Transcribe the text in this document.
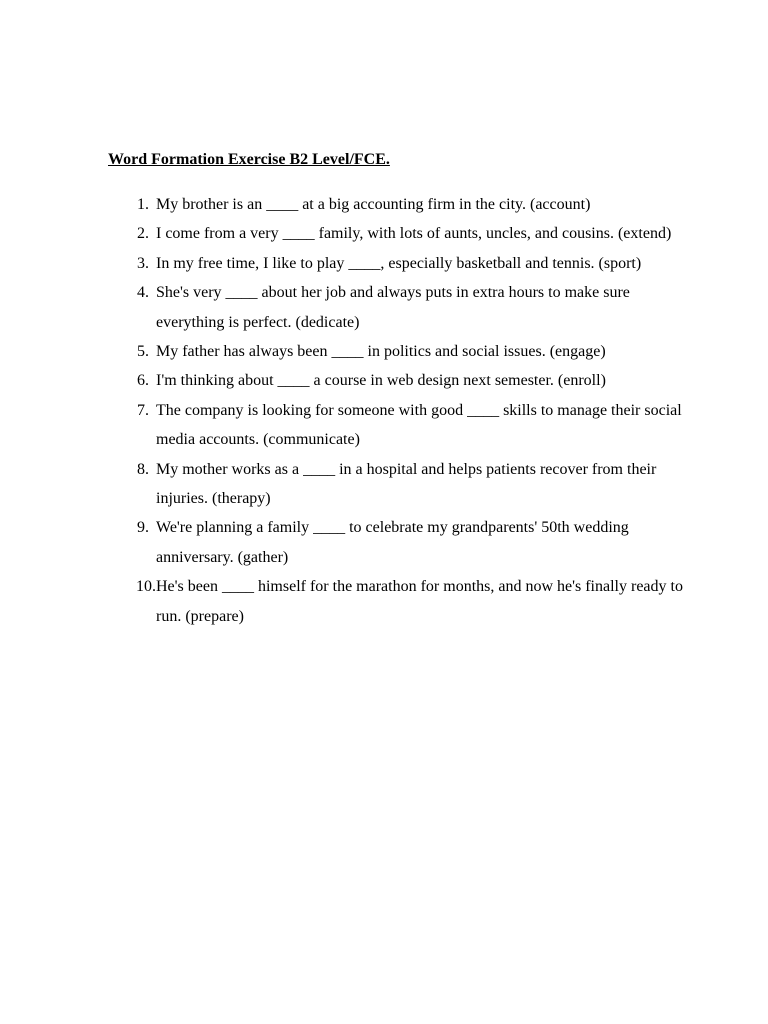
Word Formation Exercise B2 Level/FCE.
1. My brother is an ____ at a big accounting firm in the city. (account)
2. I come from a very ____ family, with lots of aunts, uncles, and cousins. (extend)
3. In my free time, I like to play ____, especially basketball and tennis. (sport)
4. She's very ____ about her job and always puts in extra hours to make sure everything is perfect. (dedicate)
5. My father has always been ____ in politics and social issues. (engage)
6. I'm thinking about ____ a course in web design next semester. (enroll)
7. The company is looking for someone with good ____ skills to manage their social media accounts. (communicate)
8. My mother works as a ____ in a hospital and helps patients recover from their injuries. (therapy)
9. We're planning a family ____ to celebrate my grandparents' 50th wedding anniversary. (gather)
10. He's been ____ himself for the marathon for months, and now he's finally ready to run. (prepare)
